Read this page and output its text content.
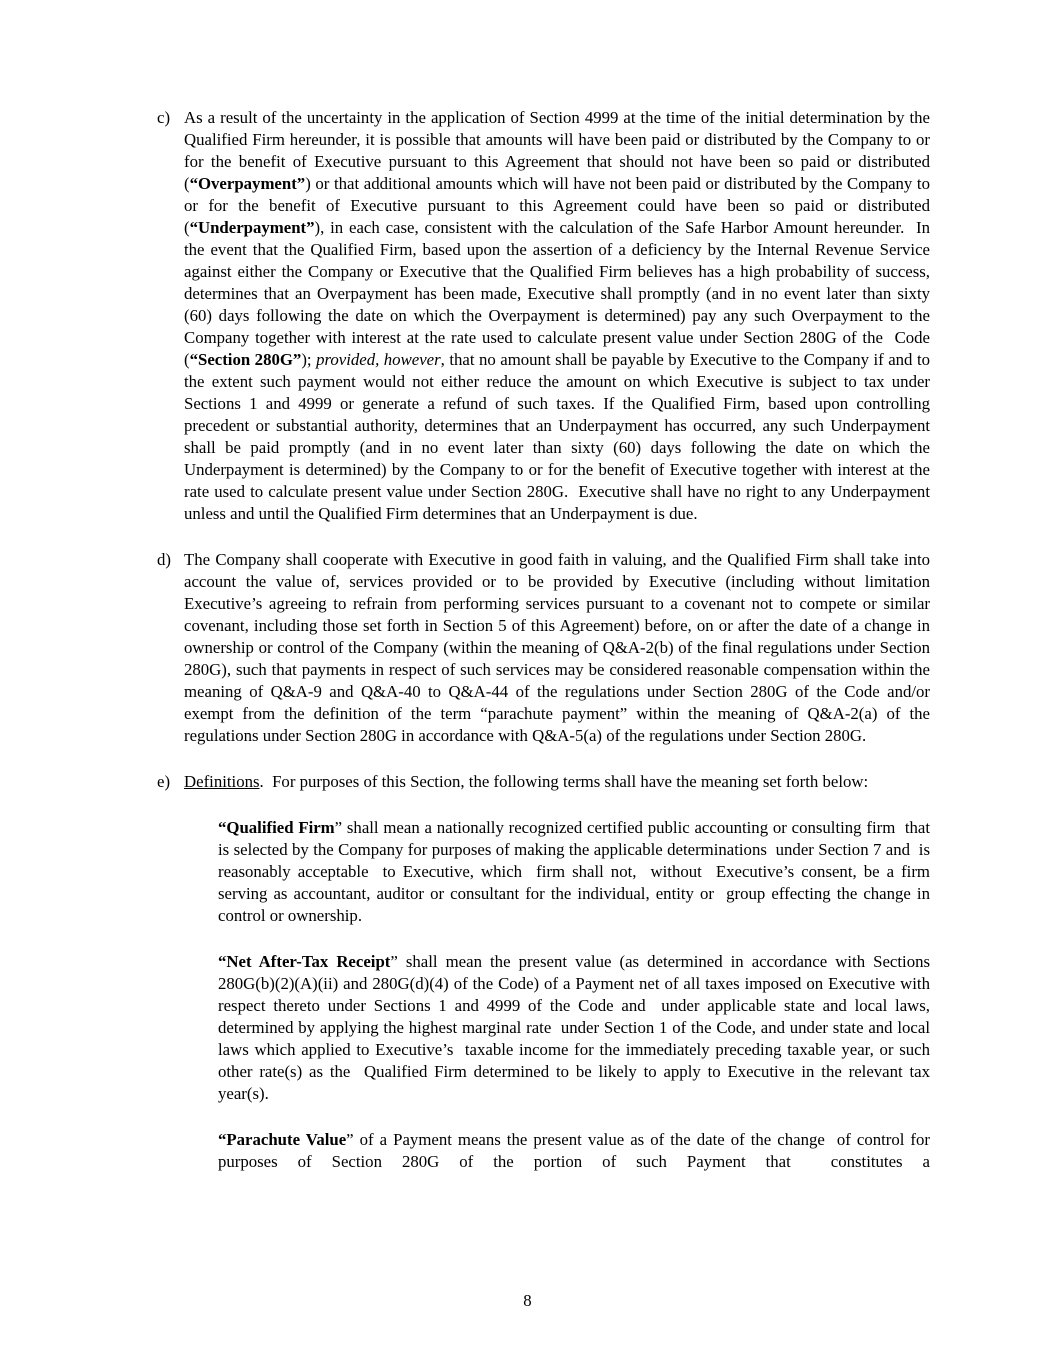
c) As a result of the uncertainty in the application of Section 4999 at the time of the initial determination by the Qualified Firm hereunder, it is possible that amounts will have been paid or distributed by the Company to or for the benefit of Executive pursuant to this Agreement that should not have been so paid or distributed (“Overpayment”) or that additional amounts which will have not been paid or distributed by the Company to or for the benefit of Executive pursuant to this Agreement could have been so paid or distributed (“Underpayment”), in each case, consistent with the calculation of the Safe Harbor Amount hereunder.  In the event that the Qualified Firm, based upon the assertion of a deficiency by the Internal Revenue Service against either the Company or Executive that the Qualified Firm believes has a high probability of success, determines that an Overpayment has been made, Executive shall promptly (and in no event later than sixty (60) days following the date on which the Overpayment is determined) pay any such Overpayment to the Company together with interest at the rate used to calculate present value under Section 280G of the  Code (“Section 280G”); provided, however, that no amount shall be payable by Executive to the Company if and to the extent such payment would not either reduce the amount on which Executive is subject to tax under Sections 1 and 4999 or generate a refund of such taxes. If the Qualified Firm, based upon controlling precedent or substantial authority, determines that an Underpayment has occurred, any such Underpayment shall be paid promptly (and in no event later than sixty (60) days following the date on which the Underpayment is determined) by the Company to or for the benefit of Executive together with interest at the rate used to calculate present value under Section 280G.  Executive shall have no right to any Underpayment unless and until the Qualified Firm determines that an Underpayment is due.
d) The Company shall cooperate with Executive in good faith in valuing, and the Qualified Firm shall take into account the value of, services provided or to be provided by Executive (including without limitation Executive’s agreeing to refrain from performing services pursuant to a covenant not to compete or similar covenant, including those set forth in Section 5 of this Agreement) before, on or after the date of a change in ownership or control of the Company (within the meaning of Q&A-2(b) of the final regulations under Section 280G), such that payments in respect of such services may be considered reasonable compensation within the meaning of Q&A-9 and Q&A-40 to Q&A-44 of the regulations under Section 280G of the Code and/or exempt from the definition of the term “parachute payment” within the meaning of Q&A-2(a) of the regulations under Section 280G in accordance with Q&A-5(a) of the regulations under Section 280G.
e) Definitions.  For purposes of this Section, the following terms shall have the meaning set forth below:
“Qualified Firm” shall mean a nationally recognized certified public accounting or consulting firm  that is selected by the Company for purposes of making the applicable determinations  under Section 7 and  is reasonably acceptable  to Executive, which  firm shall not,  without  Executive’s consent, be a firm serving as accountant, auditor or consultant for the individual, entity or  group effecting the change in control or ownership.
“Net After-Tax Receipt” shall mean the present value (as determined in accordance with Sections 280G(b)(2)(A)(ii) and 280G(d)(4) of the Code) of a Payment net of all taxes imposed on Executive with respect thereto under Sections 1 and 4999 of the Code and  under applicable state and local laws, determined by applying the highest marginal rate  under Section 1 of the Code, and under state and local laws which applied to Executive’s  taxable income for the immediately preceding taxable year, or such other rate(s) as the  Qualified Firm determined to be likely to apply to Executive in the relevant tax year(s).
“Parachute Value” of a Payment means the present value as of the date of the change  of control for purposes of Section 280G of the portion of such Payment that  constitutes a
8
